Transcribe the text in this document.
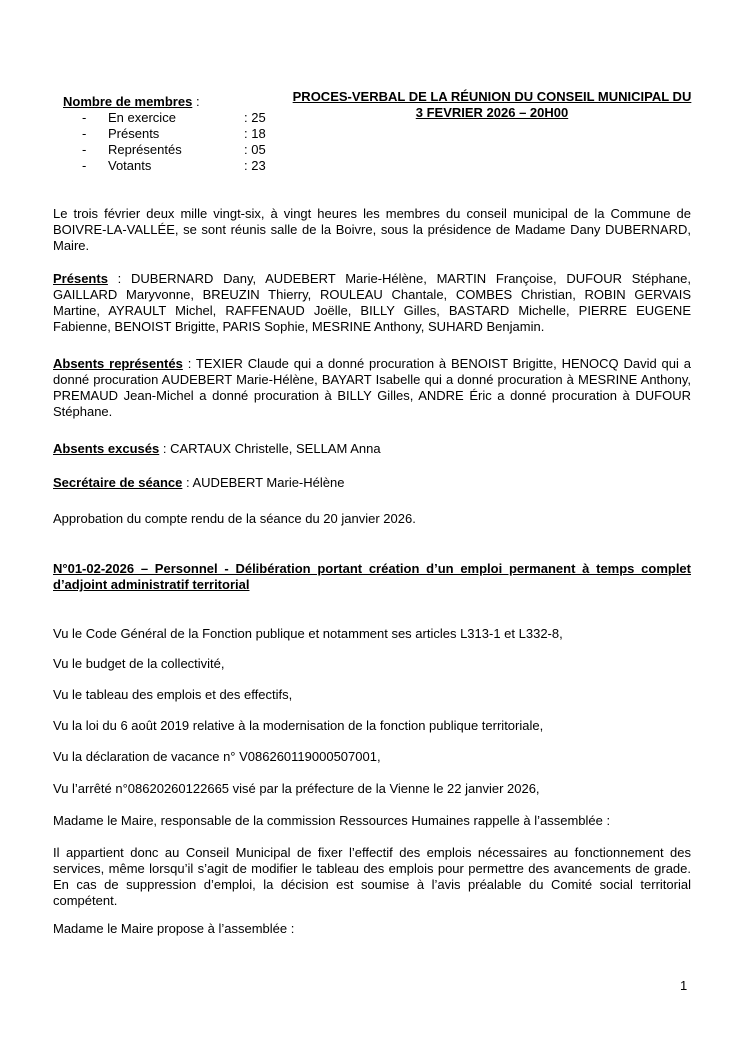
Nombre de membres :
-	En exercice	: 25
-	Présents	: 18
-	Représentés	: 05
-	Votants	: 23
PROCES-VERBAL DE LA RÉUNION DU CONSEIL MUNICIPAL DU
3 FEVRIER 2026 – 20H00
Le trois février deux mille vingt-six, à vingt heures les membres du conseil municipal de la Commune de BOIVRE-LA-VALLÉE, se sont réunis salle de la Boivre, sous la présidence de Madame Dany DUBERNARD, Maire.
Présents : DUBERNARD Dany, AUDEBERT Marie-Hélène, MARTIN Françoise, DUFOUR Stéphane, GAILLARD Maryvonne, BREUZIN Thierry, ROULEAU Chantale, COMBES Christian, ROBIN GERVAIS Martine, AYRAULT Michel, RAFFENAUD Joëlle, BILLY Gilles, BASTARD Michelle, PIERRE EUGENE Fabienne, BENOIST Brigitte, PARIS Sophie, MESRINE Anthony, SUHARD Benjamin.
Absents représentés : TEXIER Claude qui a donné procuration à BENOIST Brigitte, HENOCQ David qui a donné procuration AUDEBERT Marie-Hélène, BAYART Isabelle qui a donné procuration à MESRINE Anthony, PREMAUD Jean-Michel a donné procuration à BILLY Gilles, ANDRE Éric a donné procuration à DUFOUR Stéphane.
Absents excusés : CARTAUX Christelle, SELLAM Anna
Secrétaire de séance : AUDEBERT Marie-Hélène
Approbation du compte rendu de la séance du 20 janvier 2026.
N°01-02-2026 – Personnel - Délibération portant création d’un emploi permanent à temps complet d’adjoint administratif territorial
Vu le Code Général de la Fonction publique et notamment ses articles L313-1 et L332-8,
Vu le budget de la collectivité,
Vu le tableau des emplois et des effectifs,
Vu la loi du 6 août 2019 relative à la modernisation de la fonction publique territoriale,
Vu la déclaration de vacance n° V086260119000507001,
Vu l’arrêté n°08620260122665 visé par la préfecture de la Vienne le 22 janvier 2026,
Madame le Maire, responsable de la commission Ressources Humaines rappelle à l’assemblée :
Il appartient donc au Conseil Municipal de fixer l’effectif des emplois nécessaires au fonctionnement des services, même lorsqu’il s’agit de modifier le tableau des emplois pour permettre des avancements de grade. En cas de suppression d’emploi, la décision est soumise à l’avis préalable du Comité social territorial compétent.
Madame le Maire propose à l’assemblée :
1
